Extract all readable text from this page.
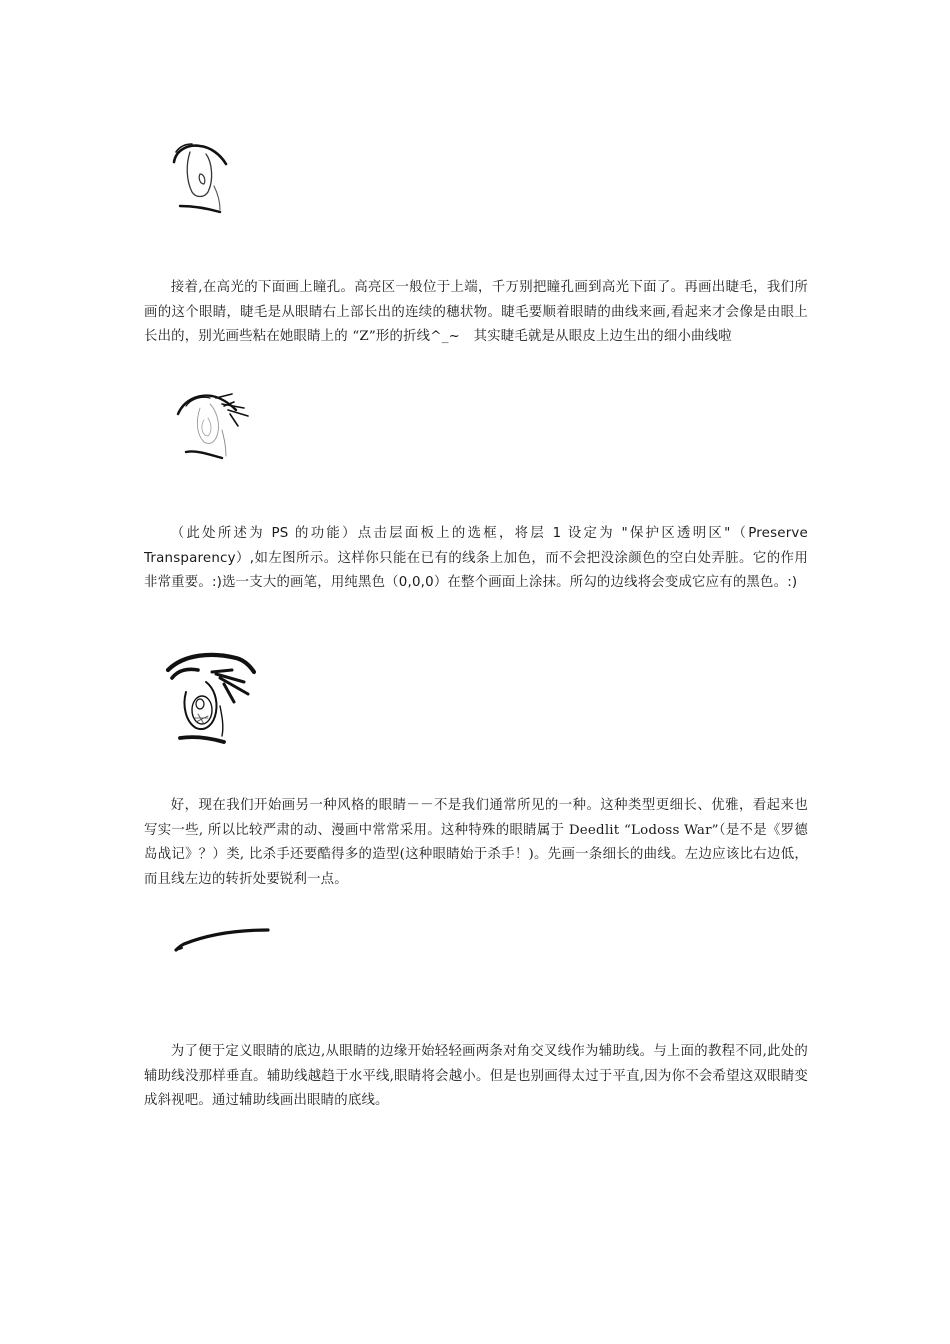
接着,在高光的下面画上瞳孔。高亮区一般位于上端，千万别把瞳孔画到高光下面了。再画出睫毛，我们所画的这个眼睛，睫毛是从眼睛右上部长出的连续的穗状物。睫毛要顺着眼睛的曲线来画,看起来才会像是由眼上长出的，别光画些粘在她眼睛上的 “Z”形的折线^_~　其实睫毛就是从眼皮上边生出的细小曲线啦

（此处所述为 PS 的功能）点击层面板上的选框，将层 1 设定为 "保护区透明区"（Preserve Transparency）,如左图所示。这样你只能在已有的线条上加色，而不会把没涂颜色的空白处弄脏。它的作用非常重要。:)选一支大的画笔，用纯黑色（0,0,0）在整个画面上涂抹。所勾的边线将会变成它应有的黑色。:)

好，现在我们开始画另一种风格的眼睛－－不是我们通常所见的一种。这种类型更细长、优雅，看起来也写实一些, 所以比较严肃的动、漫画中常常采用。这种特殊的眼睛属于 Deedlit “Lodoss War”（是不是《罗德岛战记》？）类, 比杀手还要酷得多的造型(这种眼睛始于杀手！)。先画一条细长的曲线。左边应该比右边低，而且线左边的转折处要锐利一点。

为了便于定义眼睛的底边,从眼睛的边缘开始轻轻画两条对角交叉线作为辅助线。与上面的教程不同,此处的辅助线没那样垂直。辅助线越趋于水平线,眼睛将会越小。但是也别画得太过于平直,因为你不会希望这双眼睛变成斜视吧。通过辅助线画出眼睛的底线。
